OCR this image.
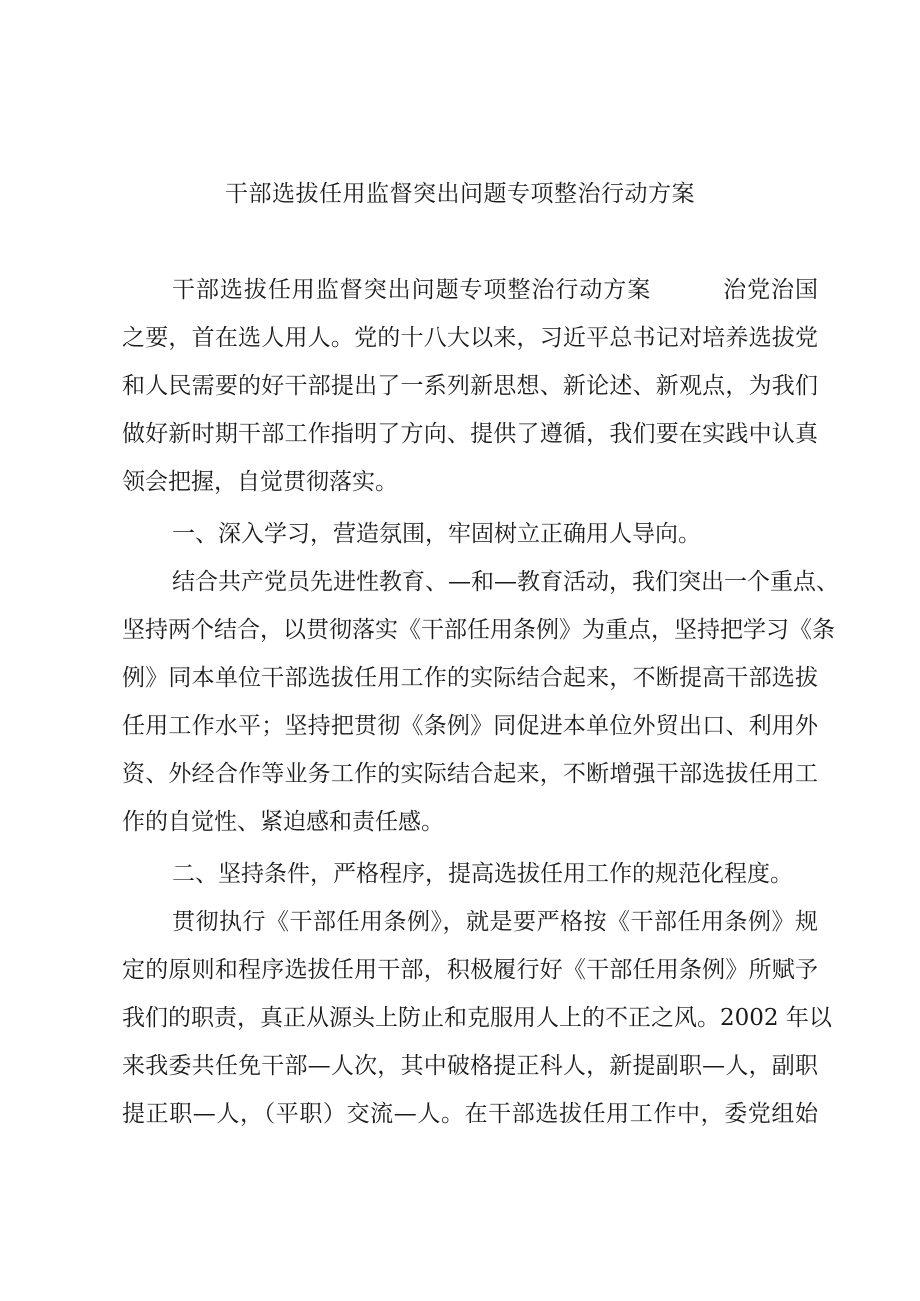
干部选拔任用监督突出问题专项整治行动方案

干部选拔任用监督突出问题专项整治行动方案　　　治党治国

之要，首在选人用人。党的十八大以来，习近平总书记对培养选拔党

和人民需要的好干部提出了一系列新思想、新论述、新观点，为我们

做好新时期干部工作指明了方向、提供了遵循，我们要在实践中认真

领会把握，自觉贯彻落实。

一、深入学习，营造氛围，牢固树立正确用人导向。

结合共产党员先进性教育、—和—教育活动，我们突出一个重点、

坚持两个结合，以贯彻落实《干部任用条例》为重点，坚持把学习《条

例》同本单位干部选拔任用工作的实际结合起来，不断提高干部选拔

任用工作水平；坚持把贯彻《条例》同促进本单位外贸出口、利用外

资、外经合作等业务工作的实际结合起来，不断增强干部选拔任用工

作的自觉性、紧迫感和责任感。

二、坚持条件，严格程序，提高选拔任用工作的规范化程度。

贯彻执行《干部任用条例》，就是要严格按《干部任用条例》规

定的原则和程序选拔任用干部，积极履行好《干部任用条例》所赋予

我们的职责，真正从源头上防止和克服用人上的不正之风。2002 年以

来我委共任免干部—人次，其中破格提正科人，新提副职—人，副职

提正职—人，（平职）交流—人。在干部选拔任用工作中，委党组始
